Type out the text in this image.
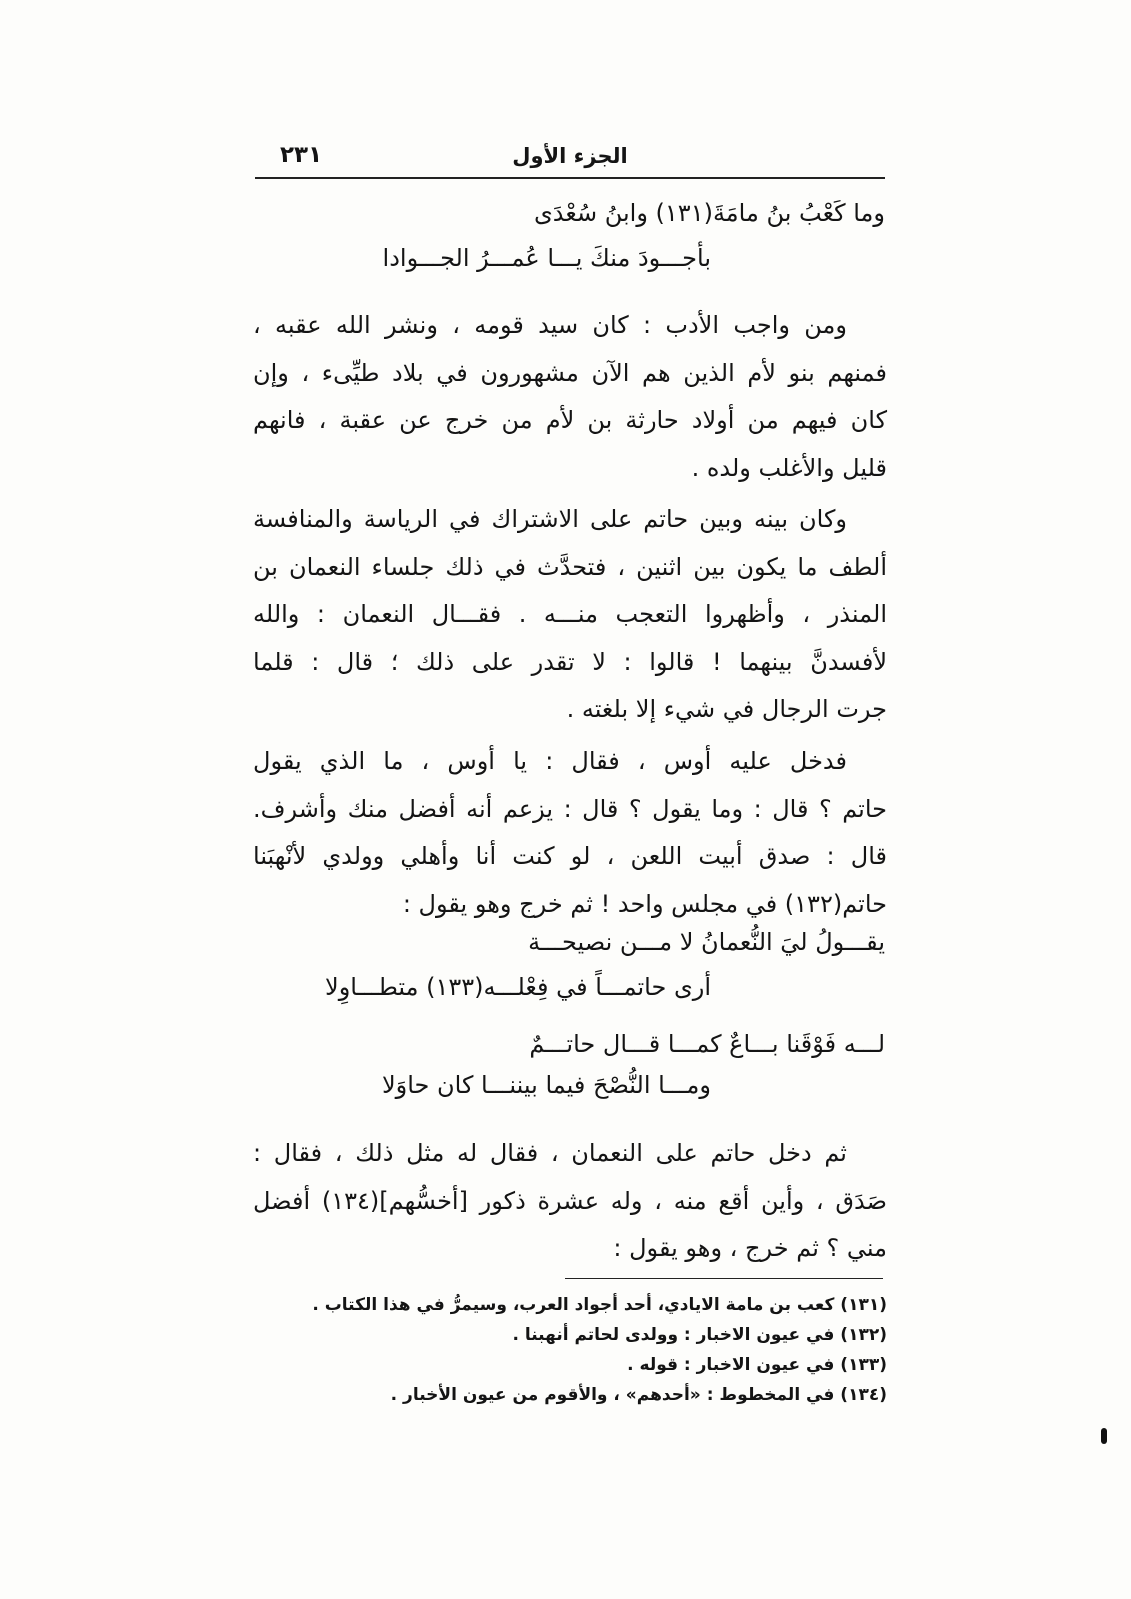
الجزء الأول
٢٣١
وما كَعْبُ بنُ مامَةَ(١٣١) وابنُ سُعْدَى
بأجـــودَ منكَ يـــا عُمـــرُ الجـــوادا
ومن واجب الأدب : كان سيد قومه ، ونشر الله عقبه ،
فمنهم بنو لأم الذين هم الآن مشهورون في بلاد طيِّىء ، وإن
كان فيهم من أولاد حارثة بن لأم من خرج عن عقبة ، فانهم
قليل والأغلب ولده .
وكان بينه وبين حاتم على الاشتراك في الرياسة والمنافسة
ألطف ما يكون بين اثنين ، فتحدَّث في ذلك جلساء النعمان بن
المنذر ، وأظهروا التعجب منـــه . فقـــال النعمان : والله
لأفسدنَّ بينهما ! قالوا : لا تقدر على ذلك ؛ قال : قلما
جرت الرجال في شيء إلا بلغته .
فدخل عليه أوس ، فقال : يا أوس ، ما الذي يقول
حاتم ؟ قال : وما يقول ؟ قال : يزعم أنه أفضل منك وأشرف.
قال : صدق أبيت اللعن ، لو كنت أنا وأهلي وولدي لأنْهبَنا
حاتم(١٣٢) في مجلس واحد ! ثم خرج وهو يقول :
يقـــولُ ليَ النُّعمانُ لا مـــن نصيحـــة
أرى حاتمـــاً في فِعْلـــه(١٣٣) متطـــاوِلا
لـــه فَوْقَنا بـــاعٌ كمـــا قـــال حاتـــمٌ
ومـــا النُّصْحَ فيما بيننـــا كان حاوَلا
ثم دخل حاتم على النعمان ، فقال له مثل ذلك ، فقال :
صَدَق ، وأين أقع منه ، وله عشرة ذكور [أخسُّهم](١٣٤) أفضل
مني ؟ ثم خرج ، وهو يقول :
(١٣١) كعب بن مامة الايادي، أحد أجواد العرب، وسيمرُّ في هذا الكتاب .
(١٣٢) في عيون الاخبار : وولدى لحاتم أنهبنا .
(١٣٣) في عيون الاخبار : قوله .
(١٣٤) في المخطوط : «أحدهم» ، والأقوم من عيون الأخبار .
